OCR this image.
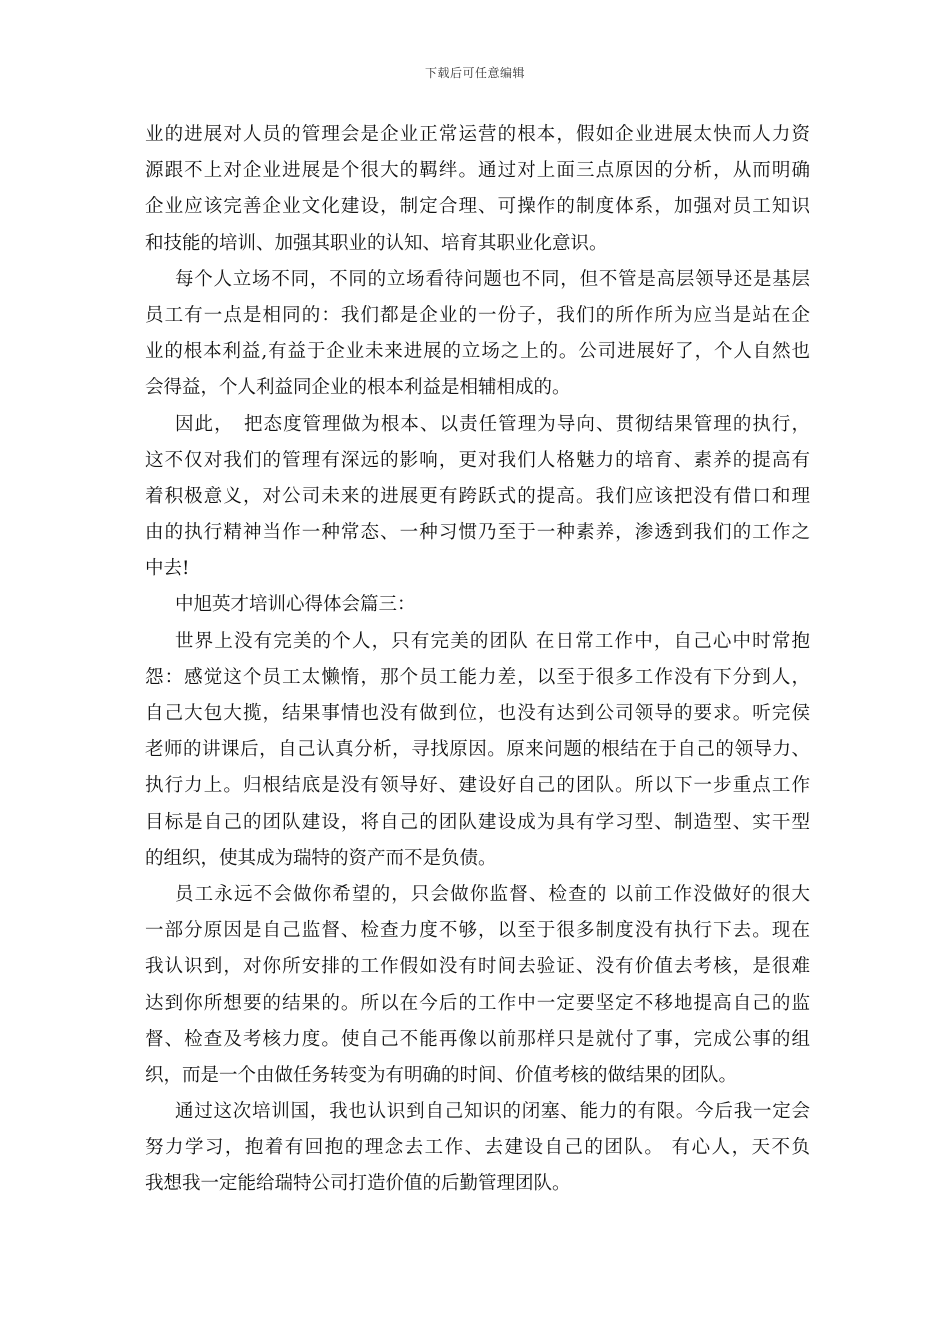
下载后可任意编辑
业的进展对人员的管理会是企业正常运营的根本，假如企业进展太快而人力资
源跟不上对企业进展是个很大的羁绊。通过对上面三点原因的分析，从而明确
企业应该完善企业文化建设，制定合理、可操作的制度体系，加强对员工知识
和技能的培训、加强其职业的认知、培育其职业化意识。
每个人立场不同，不同的立场看待问题也不同，但不管是高层领导还是基层
员工有一点是相同的：我们都是企业的一份子，我们的所作所为应当是站在企
业的根本利益,有益于企业未来进展的立场之上的。公司进展好了，个人自然也
会得益，个人利益同企业的根本利益是相辅相成的。
因此，　把态度管理做为根本、以责任管理为导向、贯彻结果管理的执行，
这不仅对我们的管理有深远的影响，更对我们人格魅力的培育、素养的提高有
着积极意义，对公司未来的进展更有跨跃式的提高。我们应该把没有借口和理
由的执行精神当作一种常态、一种习惯乃至于一种素养，渗透到我们的工作之
中去!
中旭英才培训心得体会篇三：
世界上没有完美的个人，只有完美的团队 在日常工作中，自己心中时常抱
怨：感觉这个员工太懒惰，那个员工能力差，以至于很多工作没有下分到人，
自己大包大揽，结果事情也没有做到位，也没有达到公司领导的要求。听完侯
老师的讲课后，自己认真分析，寻找原因。原来问题的根结在于自己的领导力、
执行力上。归根结底是没有领导好、建设好自己的团队。所以下一步重点工作
目标是自己的团队建设，将自己的团队建设成为具有学习型、制造型、实干型
的组织，使其成为瑞特的资产而不是负债。
员工永远不会做你希望的，只会做你监督、检查的 以前工作没做好的很大
一部分原因是自己监督、检查力度不够，以至于很多制度没有执行下去。现在
我认识到，对你所安排的工作假如没有时间去验证、没有价值去考核，是很难
达到你所想要的结果的。所以在今后的工作中一定要坚定不移地提高自己的监
督、检查及考核力度。使自己不能再像以前那样只是就付了事，完成公事的组
织，而是一个由做任务转变为有明确的时间、价值考核的做结果的团队。
通过这次培训国，我也认识到自己知识的闭塞、能力的有限。今后我一定会
努力学习，抱着有回抱的理念去工作、去建设自己的团队。 有心人，天不负
我想我一定能给瑞特公司打造价值的后勤管理团队。
